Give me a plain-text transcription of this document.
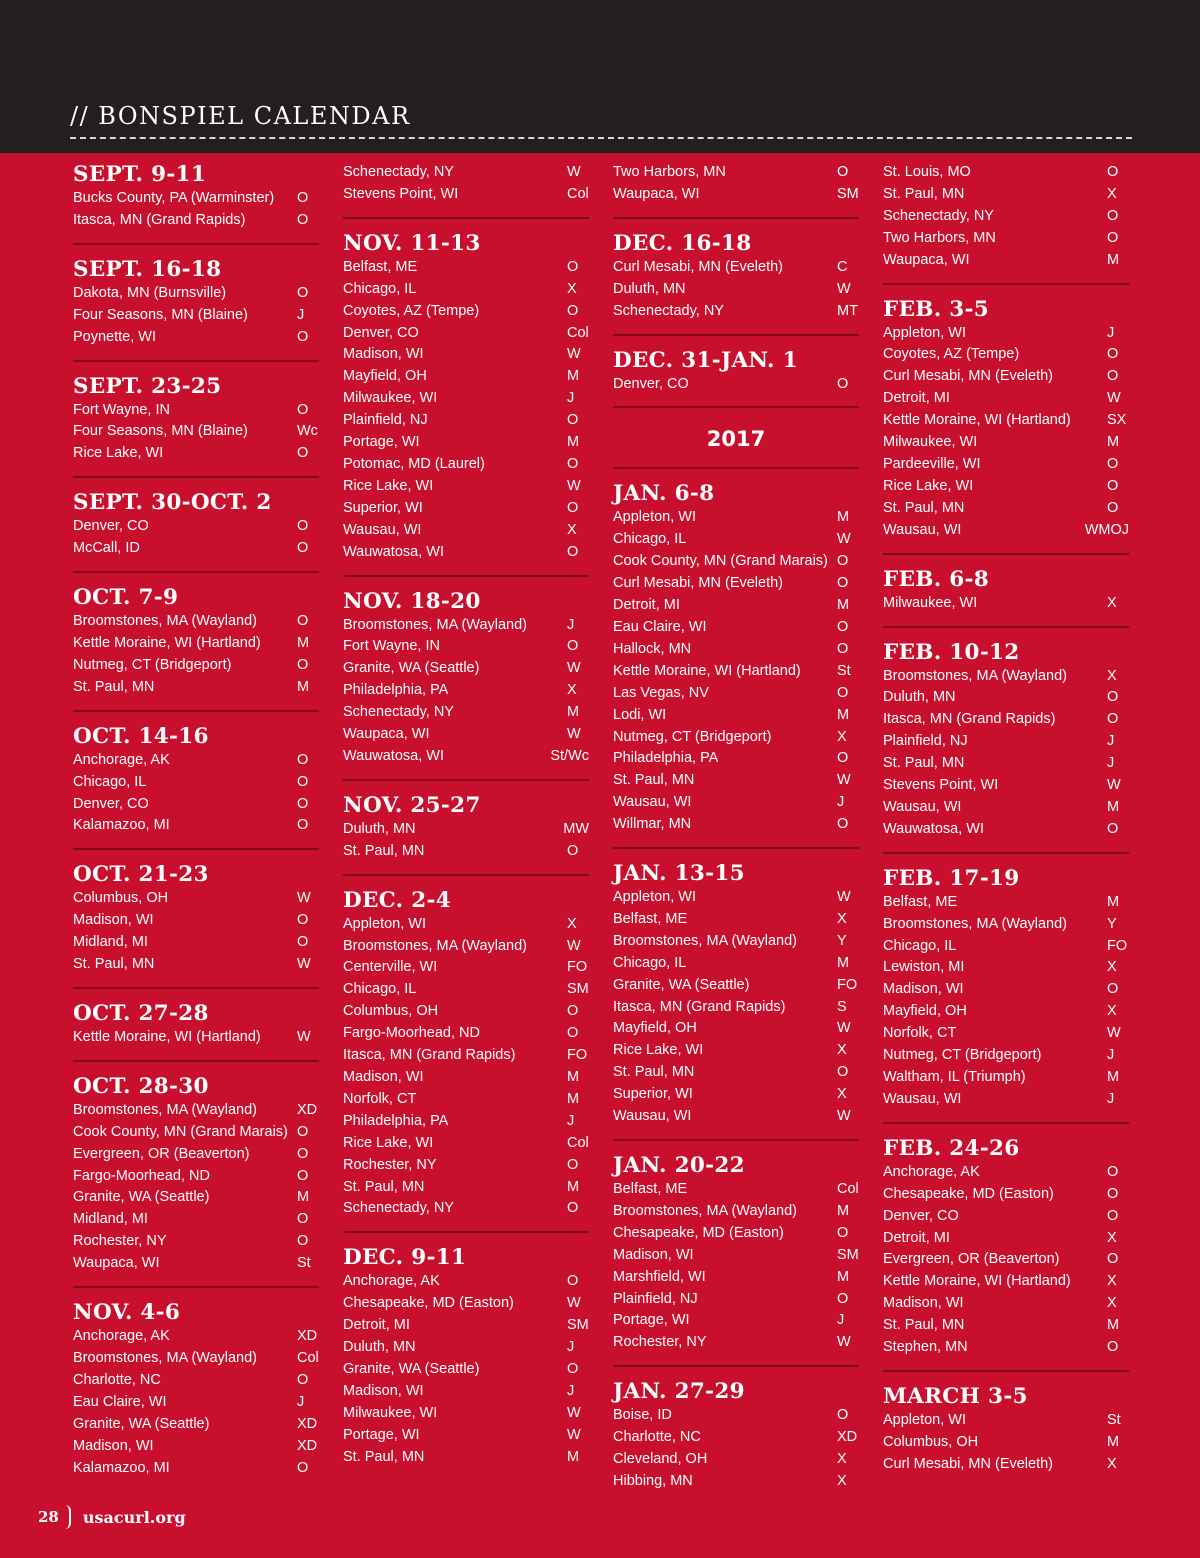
// BONSPIEL CALENDAR
SEPT. 9-11
Bucks County, PA (Warminster) O
Itasca, MN (Grand Rapids)	O
SEPT. 16-18
Dakota, MN (Burnsville)	O
Four Seasons, MN (Blaine)	J
Poynette, WI	O
SEPT. 23-25
Fort Wayne, IN	O
Four Seasons, MN (Blaine)	Wc
Rice Lake, WI	O
SEPT. 30-OCT. 2
Denver, CO	O
McCall, ID	O
OCT. 7-9
Broomstones, MA (Wayland)	O
Kettle Moraine, WI (Hartland) M
Nutmeg, CT (Bridgeport)	O
St. Paul, MN	M
OCT. 14-16
Anchorage, AK	O
Chicago, IL	O
Denver, CO	O
Kalamazoo, MI	O
OCT. 21-23
Columbus, OH	W
Madison, WI	O
Midland, MI	O
St. Paul, MN	W
OCT. 27-28
Kettle Moraine, WI (Hartland) W
OCT. 28-30
Broomstones, MA (Wayland)	XD
Cook County, MN (Grand Marais) O
Evergreen, OR (Beaverton)	O
Fargo-Moorhead, ND	O
Granite, WA (Seattle)	M
Midland, MI	O
Rochester, NY	O
Waupaca, WI	St
NOV. 4-6
Anchorage, AK	XD
Broomstones, MA (Wayland)	Col
Charlotte, NC	O
Eau Claire, WI	J
Granite, WA (Seattle)	XD
Madison, WI	XD
Kalamazoo, MI	O
Schenectady, NY	W
Stevens Point, WI	Col
NOV. 11-13
Belfast, ME	O
Chicago, IL	X
Coyotes, AZ (Tempe)	O
Denver, CO	Col
Madison, WI	W
Mayfield, OH	M
Milwaukee, WI	J
Plainfield, NJ	O
Portage, WI	M
Potomac, MD (Laurel)	O
Rice Lake, WI	W
Superior, WI	O
Wausau, WI	X
Wauwatosa, WI	O
NOV. 18-20
Broomstones, MA (Wayland)	J
Fort Wayne, IN	O
Granite, WA (Seattle)	W
Philadelphia, PA	X
Schenectady, NY	M
Waupaca, WI	W
Wauwatosa, WI	St/Wc
NOV. 25-27
Duluth, MN	MW
St. Paul, MN	O
DEC. 2-4
Appleton, WI	X
Broomstones, MA (Wayland)	W
Centerville, WI	FO
Chicago, IL	SM
Columbus, OH	O
Fargo-Moorhead, ND	O
Itasca, MN (Grand Rapids)	FO
Madison, WI	M
Norfolk, CT	M
Philadelphia, PA	J
Rice Lake, WI	Col
Rochester, NY	O
St. Paul, MN	M
Schenectady, NY	O
DEC. 9-11
Anchorage, AK	O
Chesapeake, MD (Easton)	W
Detroit, MI	SM
Duluth, MN	J
Granite, WA (Seattle)	O
Madison, WI	J
Milwaukee, WI	W
Portage, WI	W
St. Paul, MN	M
Two Harbors, MN	O
Waupaca, WI	SM
DEC. 16-18
Curl Mesabi, MN (Eveleth)	C
Duluth, MN	W
Schenectady, NY	MT
DEC. 31-JAN. 1
Denver, CO	O
2017
JAN. 6-8
Appleton, WI	M
Chicago, IL	W
Cook County, MN (Grand Marais) O
Curl Mesabi, MN (Eveleth)	O
Detroit, MI	M
Eau Claire, WI	O
Hallock, MN	O
Kettle Moraine, WI (Hartland) St
Las Vegas, NV	O
Lodi, WI	M
Nutmeg, CT (Bridgeport)	X
Philadelphia, PA	O
St. Paul, MN	W
Wausau, WI	J
Willmar, MN	O
JAN. 13-15
Appleton, WI	W
Belfast, ME	X
Broomstones, MA (Wayland)	Y
Chicago, IL	M
Granite, WA (Seattle)	FO
Itasca, MN (Grand Rapids)	S
Mayfield, OH	W
Rice Lake, WI	X
St. Paul, MN	O
Superior, WI	X
Wausau, WI	W
JAN. 20-22
Belfast, ME	Col
Broomstones, MA (Wayland)	M
Chesapeake, MD (Easton)	O
Madison, WI	SM
Marshfield, WI	M
Plainfield, NJ	O
Portage, WI	J
Rochester, NY	W
JAN. 27-29
Boise, ID	O
Charlotte, NC	XD
Cleveland, OH	X
Hibbing, MN	X
St. Louis, MO	O
St. Paul, MN	X
Schenectady, NY	O
Two Harbors, MN	O
Waupaca, WI	M
FEB. 3-5
Appleton, WI	J
Coyotes, AZ (Tempe)	O
Curl Mesabi, MN (Eveleth)	O
Detroit, MI	W
Kettle Moraine, WI (Hartland) SX
Milwaukee, WI	M
Pardeeville, WI	O
Rice Lake, WI	O
St. Paul, MN	O
Wausau, WI	WMOJ
FEB. 6-8
Milwaukee, WI	X
FEB. 10-12
Broomstones, MA (Wayland)	X
Duluth, MN	O
Itasca, MN (Grand Rapids)	O
Plainfield, NJ	J
St. Paul, MN	J
Stevens Point, WI	W
Wausau, WI	M
Wauwatosa, WI	O
FEB. 17-19
Belfast, ME	M
Broomstones, MA (Wayland)	Y
Chicago, IL	FO
Lewiston, MI	X
Madison, WI	O
Mayfield, OH	X
Norfolk, CT	W
Nutmeg, CT (Bridgeport)	J
Waltham, IL (Triumph)	M
Wausau, WI	J
FEB. 24-26
Anchorage, AK	O
Chesapeake, MD (Easton)	O
Denver, CO	O
Detroit, MI	X
Evergreen, OR (Beaverton)	O
Kettle Moraine, WI (Hartland) X
Madison, WI	X
St. Paul, MN	M
Stephen, MN	O
MARCH 3-5
Appleton, WI	St
Columbus, OH	M
Curl Mesabi, MN (Eveleth)	X
28 usacurl.org
